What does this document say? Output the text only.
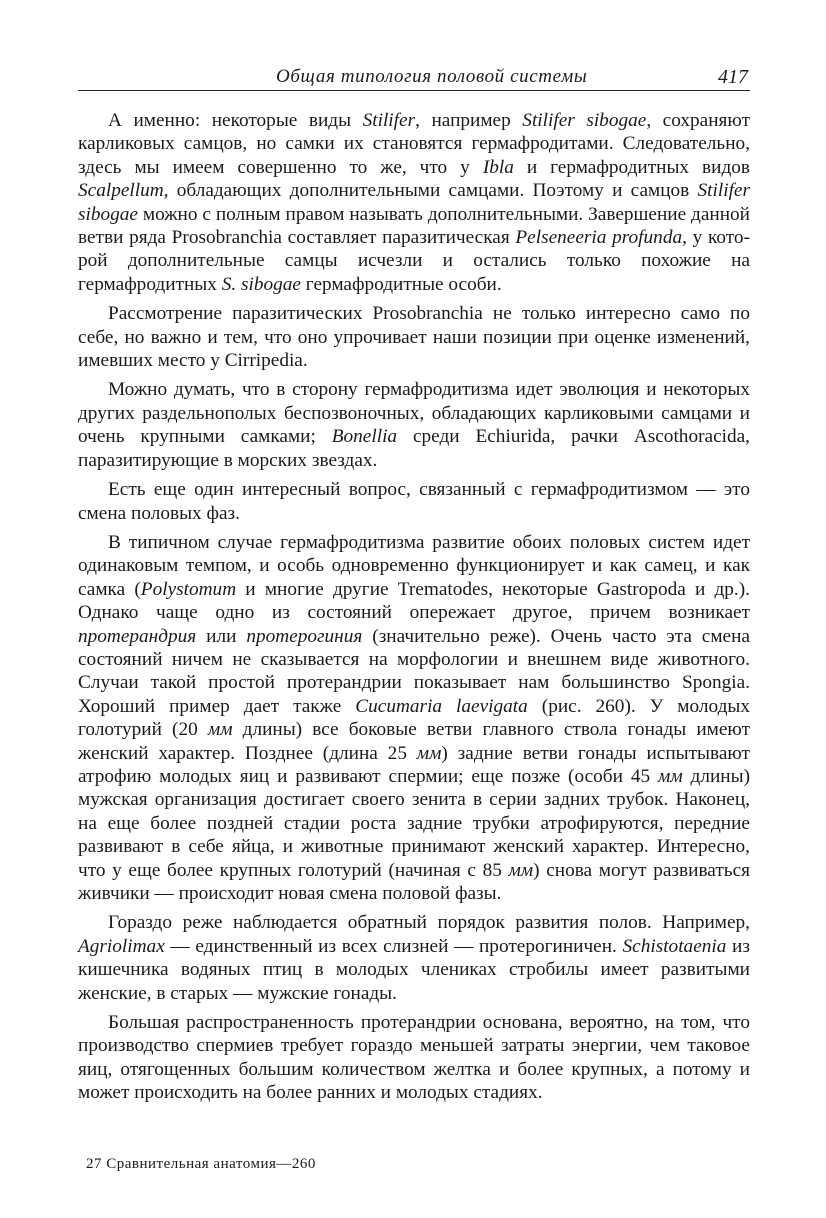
Общая типология половой системы	417

А именно: некоторые виды Stilifer, например Stilifer sibogae, сохраняют карликовых самцов, но самки их становятся гермафродитами. Следовательно, здесь мы имеем совершенно то же, что у Ibla и гермафродитных видов Scalpellum, обладающих дополнительными самцами. Поэтому и самцов Stilifer sibogae можно с полным правом называть дополнительными. Завершение данной ветви ряда Prosobranchia составляет паразитическая Pelseneeria profunda, у которой дополнительные самцы исчезли и остались только похожие на гермафродитных S. sibogae гермафродитные особи.

Рассмотрение паразитических Prosobranchia не только интересно само по себе, но важно и тем, что оно упрочивает наши позиции при оценке изменений, имевших место у Cirripedia.

Можно думать, что в сторону гермафродитизма идет эволюция и некоторых других раздельнополых беспозвоночных, обладающих карликовыми самцами и очень крупными самками; Bonellia среди Echiurida, рачки Ascothoracida, паразитирующие в морских звездах.

Есть еще один интересный вопрос, связанный с гермафродитизмом — это смена половых фаз.

В типичном случае гермафродитизма развитие обоих половых систем идет одинаковым темпом, и особь одновременно функционирует и как самец, и как самка (Polystomum и многие другие Trematodes, некоторые Gastropoda и др.). Однако чаще одно из состояний опережает другое, причем возникает протерандрия или протерогиния (значительно реже). Очень часто эта смена состояний ничем не сказывается на морфологии и внешнем виде животного. Случаи такой простой протерандрии показывает нам большинство Spongia. Хороший пример дает также Cucumaria laevigata (рис. 260). У молодых голотурий (20 мм длины) все боковые ветви главного ствола гонады имеют женский характер. Позднее (длина 25 мм) задние ветви гонады испытывают атрофию молодых яиц и развивают спермии; еще позже (особи 45 мм длины) мужская организация достигает своего зенита в серии задних трубок. Наконец, на еще более поздней стадии роста задние трубки атрофируются, передние развивают в себе яйца, и животные принимают женский характер. Интересно, что у еще более крупных голотурий (начиная с 85 мм) снова могут развиваться живчики — происходит новая смена половой фазы.

Гораздо реже наблюдается обратный порядок развития полов. Например, Agriolimax — единственный из всех слизней — протерогиничен. Schistotaenia из кишечника водяных птиц в молодых члениках стробилы имеет развитыми женские, в старых — мужские гонады.

Большая распространенность протерандрии основана, вероятно, на том, что производство спермиев требует гораздо меньшей затраты энергии, чем таковое яиц, отягощенных большим количеством желтка и более крупных, а потому и может происходить на более ранних и молодых стадиях.

27 Сравнительная анатомия—260
